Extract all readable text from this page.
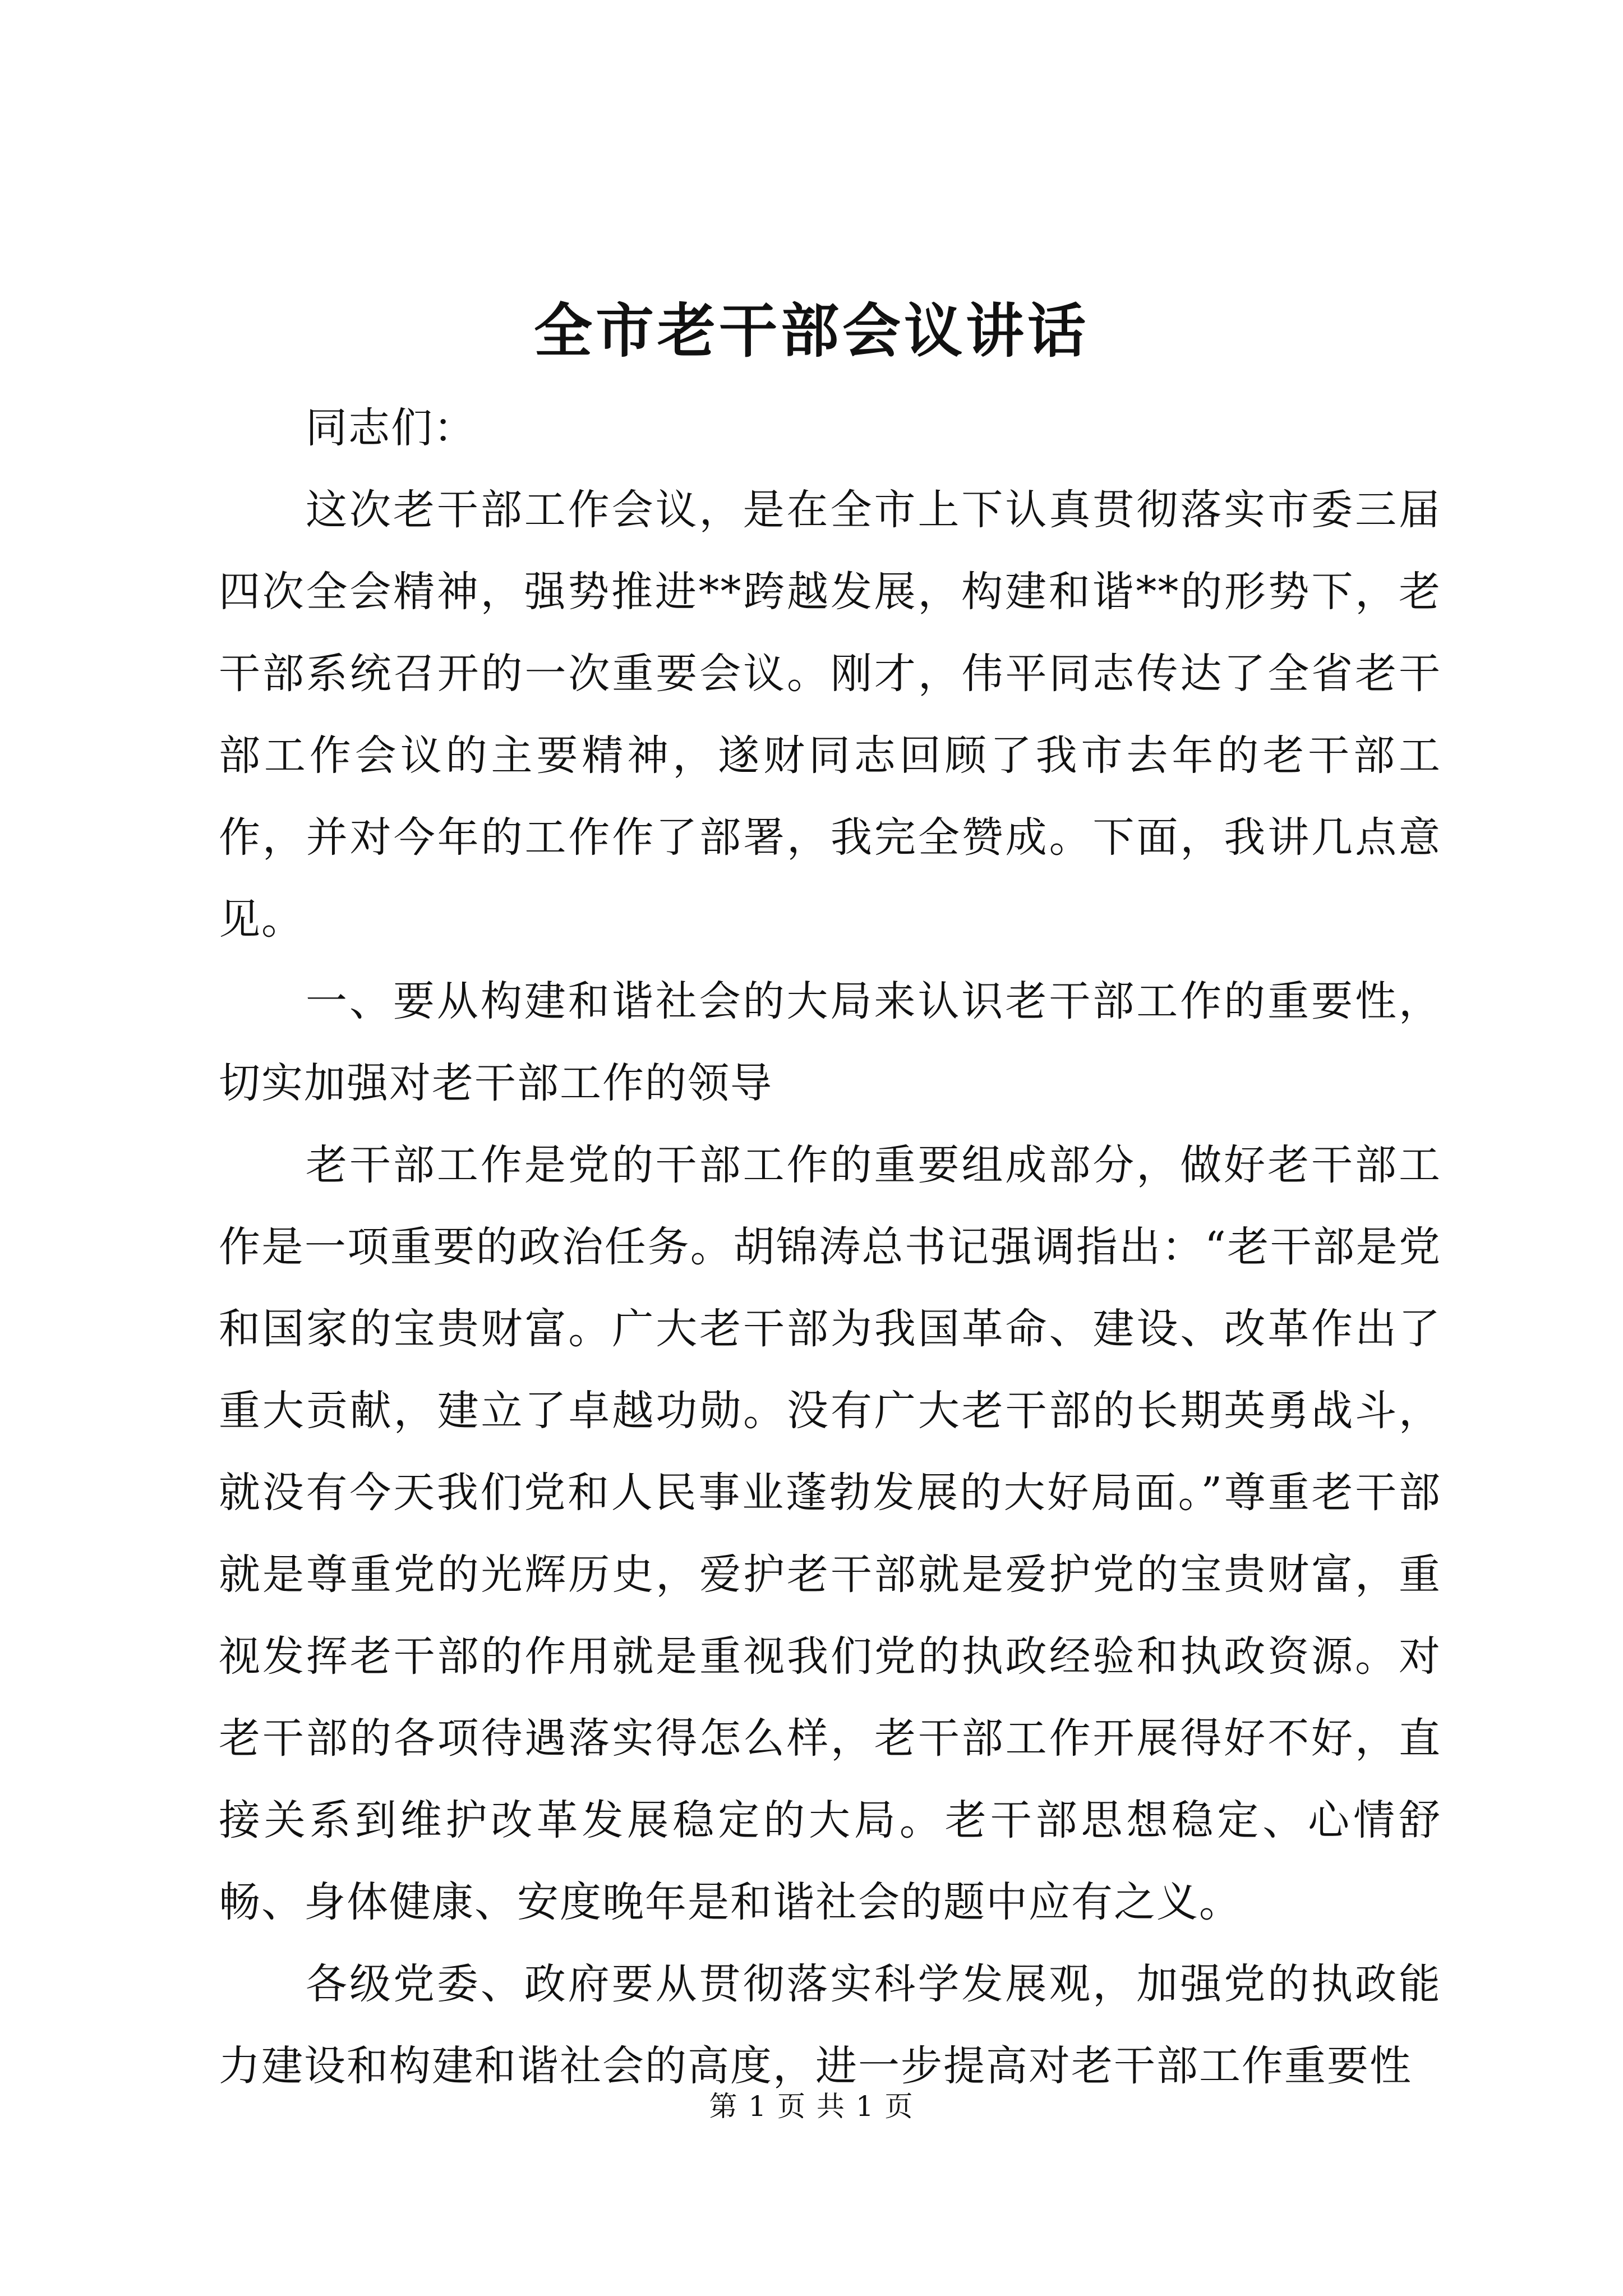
全市老干部会议讲话

同志们：

这次老干部工作会议，是在全市上下认真贯彻落实市委三届四次全会精神，强势推进**跨越发展，构建和谐**的形势下，老干部系统召开的一次重要会议。刚才，伟平同志传达了全省老干部工作会议的主要精神，遂财同志回顾了我市去年的老干部工作，并对今年的工作作了部署，我完全赞成。下面，我讲几点意见。

一、要从构建和谐社会的大局来认识老干部工作的重要性，切实加强对老干部工作的领导

老干部工作是党的干部工作的重要组成部分，做好老干部工作是一项重要的政治任务。胡锦涛总书记强调指出：“老干部是党和国家的宝贵财富。广大老干部为我国革命、建设、改革作出了重大贡献，建立了卓越功勋。没有广大老干部的长期英勇战斗，就没有今天我们党和人民事业蓬勃发展的大好局面。”尊重老干部就是尊重党的光辉历史，爱护老干部就是爱护党的宝贵财富，重视发挥老干部的作用就是重视我们党的执政经验和执政资源。对老干部的各项待遇落实得怎么样，老干部工作开展得好不好，直接关系到维护改革发展稳定的大局。老干部思想稳定、心情舒畅、身体健康、安度晚年是和谐社会的题中应有之义。

各级党委、政府要从贯彻落实科学发展观，加强党的执政能力建设和构建和谐社会的高度，进一步提高对老干部工作重要性

第 1 页 共 1 页
